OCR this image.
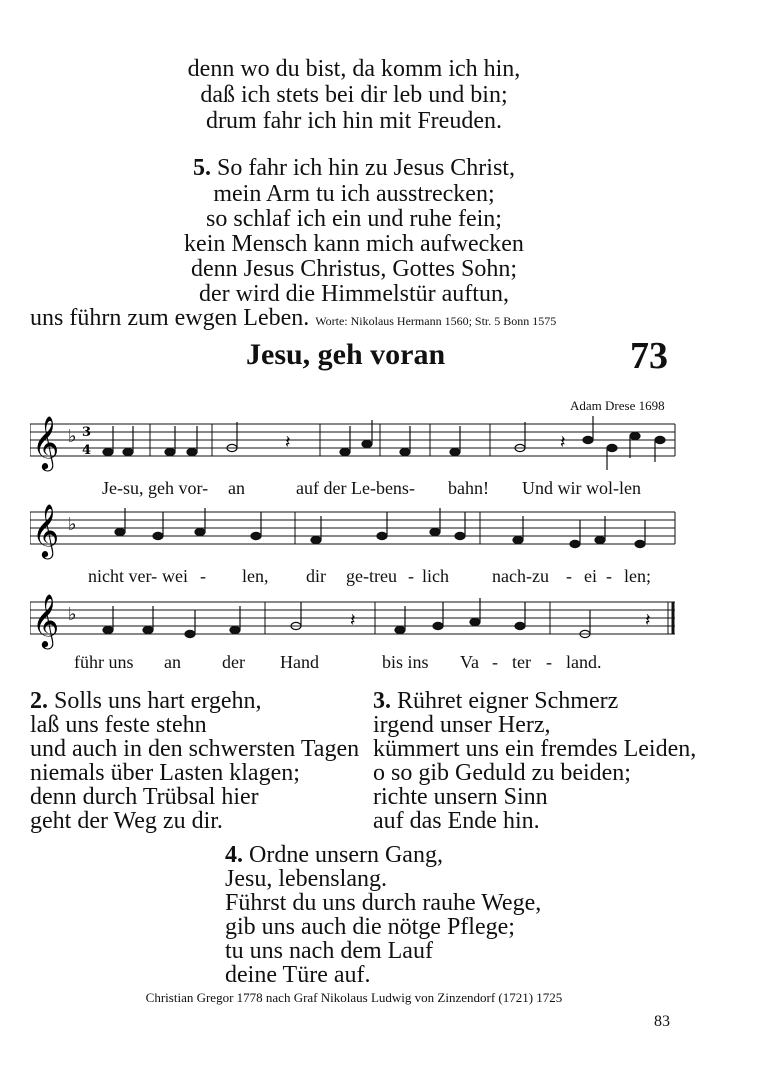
denn wo du bist, da komm ich hin,
daß ich stets bei dir leb und bin;
drum fahr ich hin mit Freuden.
5. So fahr ich hin zu Jesus Christ,
mein Arm tu ich ausstrecken;
so schlaf ich ein und ruhe fein;
kein Mensch kann mich aufwecken
denn Jesus Christus, Gottes Sohn;
der wird die Himmelstür auftun,
uns führn zum ewgen Leben. Worte: Nikolaus Hermann 1560; Str. 5 Bonn 1575
Jesu, geh voran	73
Adam Drese 1698
𝄞 ♭ 3
4	𝄽	𝄽
Je-su, geh vor- an	auf der Le-bens- bahn! Und wir wol-len
𝄞 ♭
nicht ver- wei - len, dir ge-treu - lich nach-zu - ei - len;
𝄞 ♭	𝄽	𝄽
führ uns an der Hand	bis ins Va - ter - land.
2. Solls uns hart ergehn,
laß uns feste stehn
und auch in den schwersten Tagen
niemals über Lasten klagen;
denn durch Trübsal hier
geht der Weg zu dir.
3. Rühret eigner Schmerz
irgend unser Herz,
kümmert uns ein fremdes Leiden,
o so gib Geduld zu beiden;
richte unsern Sinn
auf das Ende hin.
4. Ordne unsern Gang,
Jesu, lebenslang.
Führst du uns durch rauhe Wege,
gib uns auch die nötge Pflege;
tu uns nach dem Lauf
deine Türe auf.
Christian Gregor 1778 nach Graf Nikolaus Ludwig von Zinzendorf (1721) 1725
83
